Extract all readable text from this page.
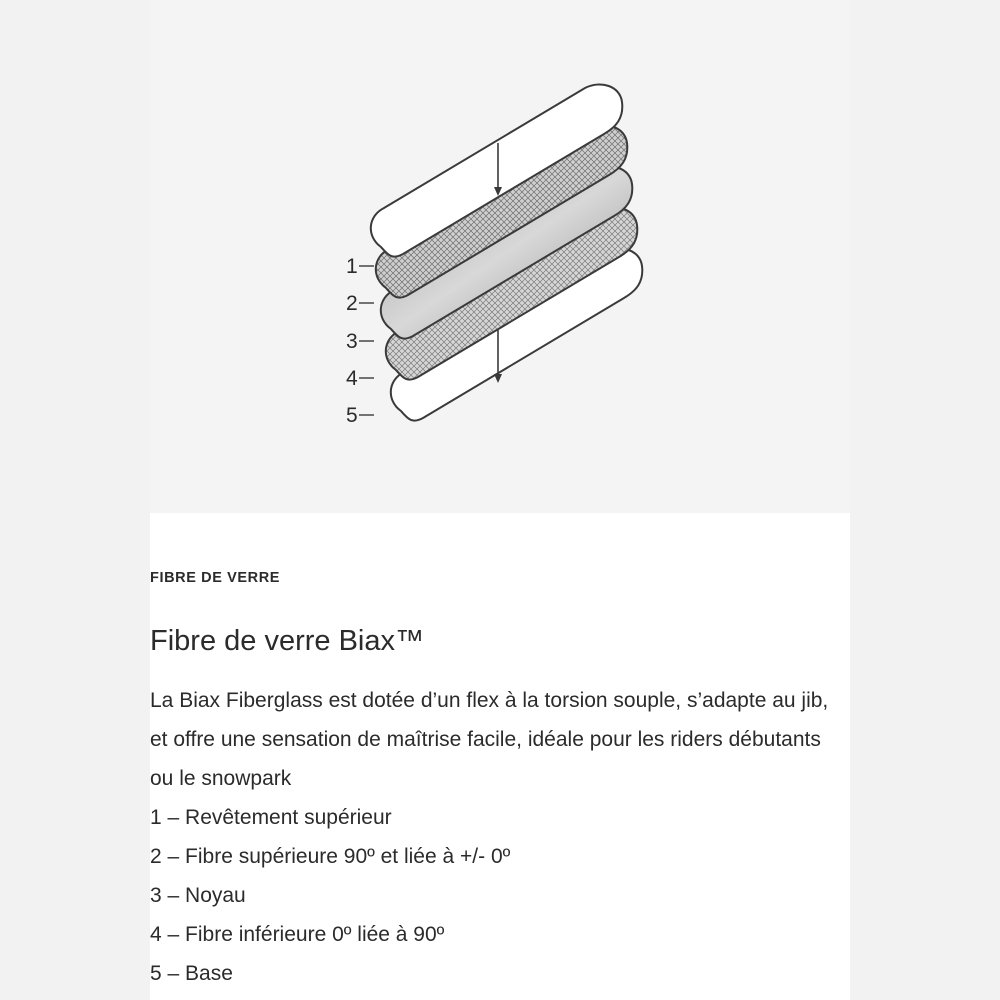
1
2
3
4
5
FIBRE DE VERRE
Fibre de verre Biax™

La Biax Fiberglass est dotée d’un flex à la torsion souple, s’adapte au jib, et offre une sensation de maîtrise facile, idéale pour les riders débutants ou le snowpark

1 – Revêtement supérieur
2 – Fibre supérieure 90º et liée à +/- 0º
3 – Noyau
4 – Fibre inférieure 0º liée à 90º
5 – Base
